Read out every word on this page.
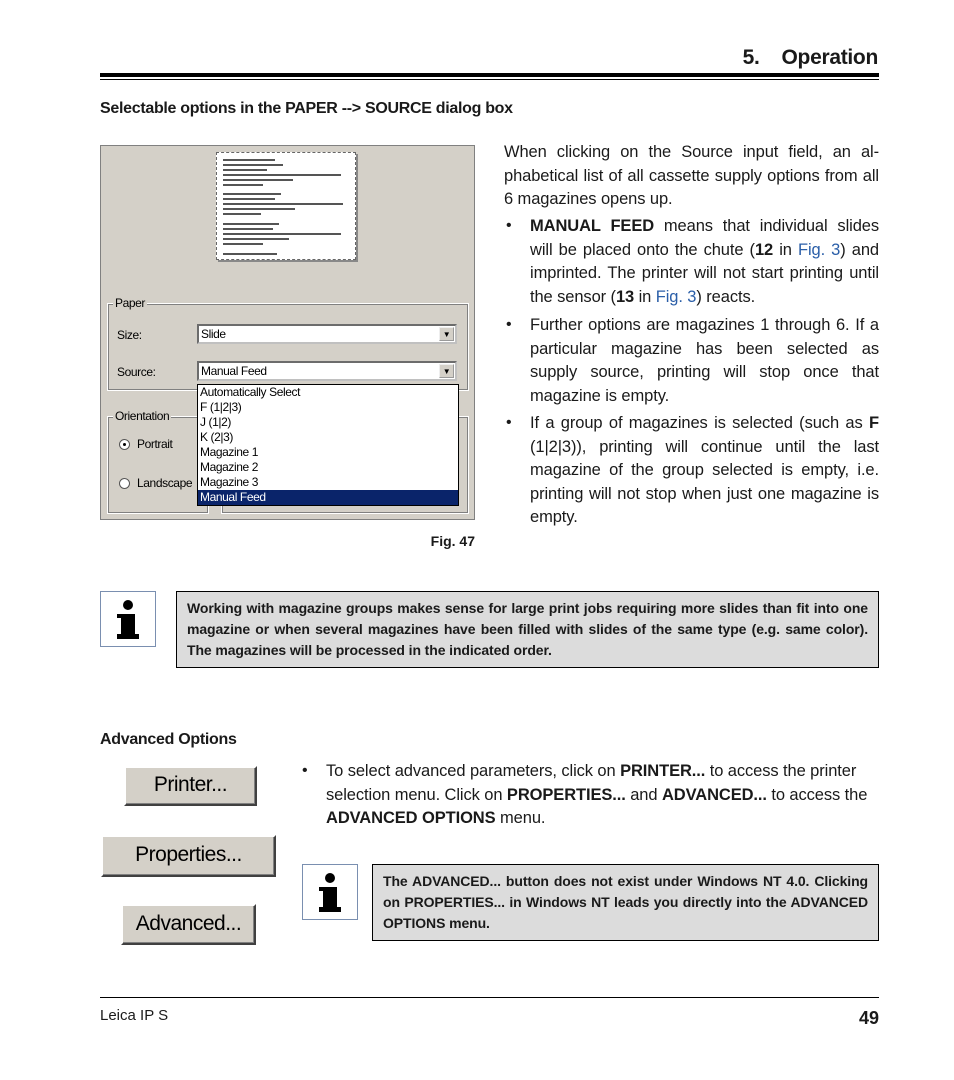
5. Operation
Selectable options in the PAPER --> SOURCE dialog box
Paper
Size:	Slide	▼
Source:	Manual Feed	▼
Orientation
Portrait
Landscape
Automatically Select
F (1|2|3)
J (1|2)
K (2|3)
Magazine 1
Magazine 2
Magazine 3
Manual Feed
Fig. 47
When clicking on the Source input field, an al-phabetical list of all cassette supply options from all 6 magazines opens up.
• MANUAL FEED means that individual slides will be placed onto the chute (12 in Fig. 3) and imprinted. The printer will not start printing until the sensor (13 in Fig. 3) reacts.
• Further options are magazines 1 through 6. If a particular magazine has been selected as supply source, printing will stop once that magazine is empty.
• If a group of magazines is selected (such as F (1|2|3)), printing will continue until the last magazine of the group selected is empty, i.e. printing will not stop when just one magazine is empty.
Working with magazine groups makes sense for large print jobs requiring more slides than fit into one magazine or when several magazines have been filled with slides of the same type (e.g. same color). The magazines will be processed in the indicated order.
Advanced Options
Printer...
Properties...
Advanced...
• To select advanced parameters, click on PRINTER... to access the printer selection menu. Click on PROPERTIES... and ADVANCED... to access the ADVANCED OPTIONS menu.
The ADVANCED... button does not exist under Windows NT 4.0. Clicking on PROPERTIES... in Windows NT leads you directly into the ADVANCED OPTIONS menu.
Leica IP S	49
